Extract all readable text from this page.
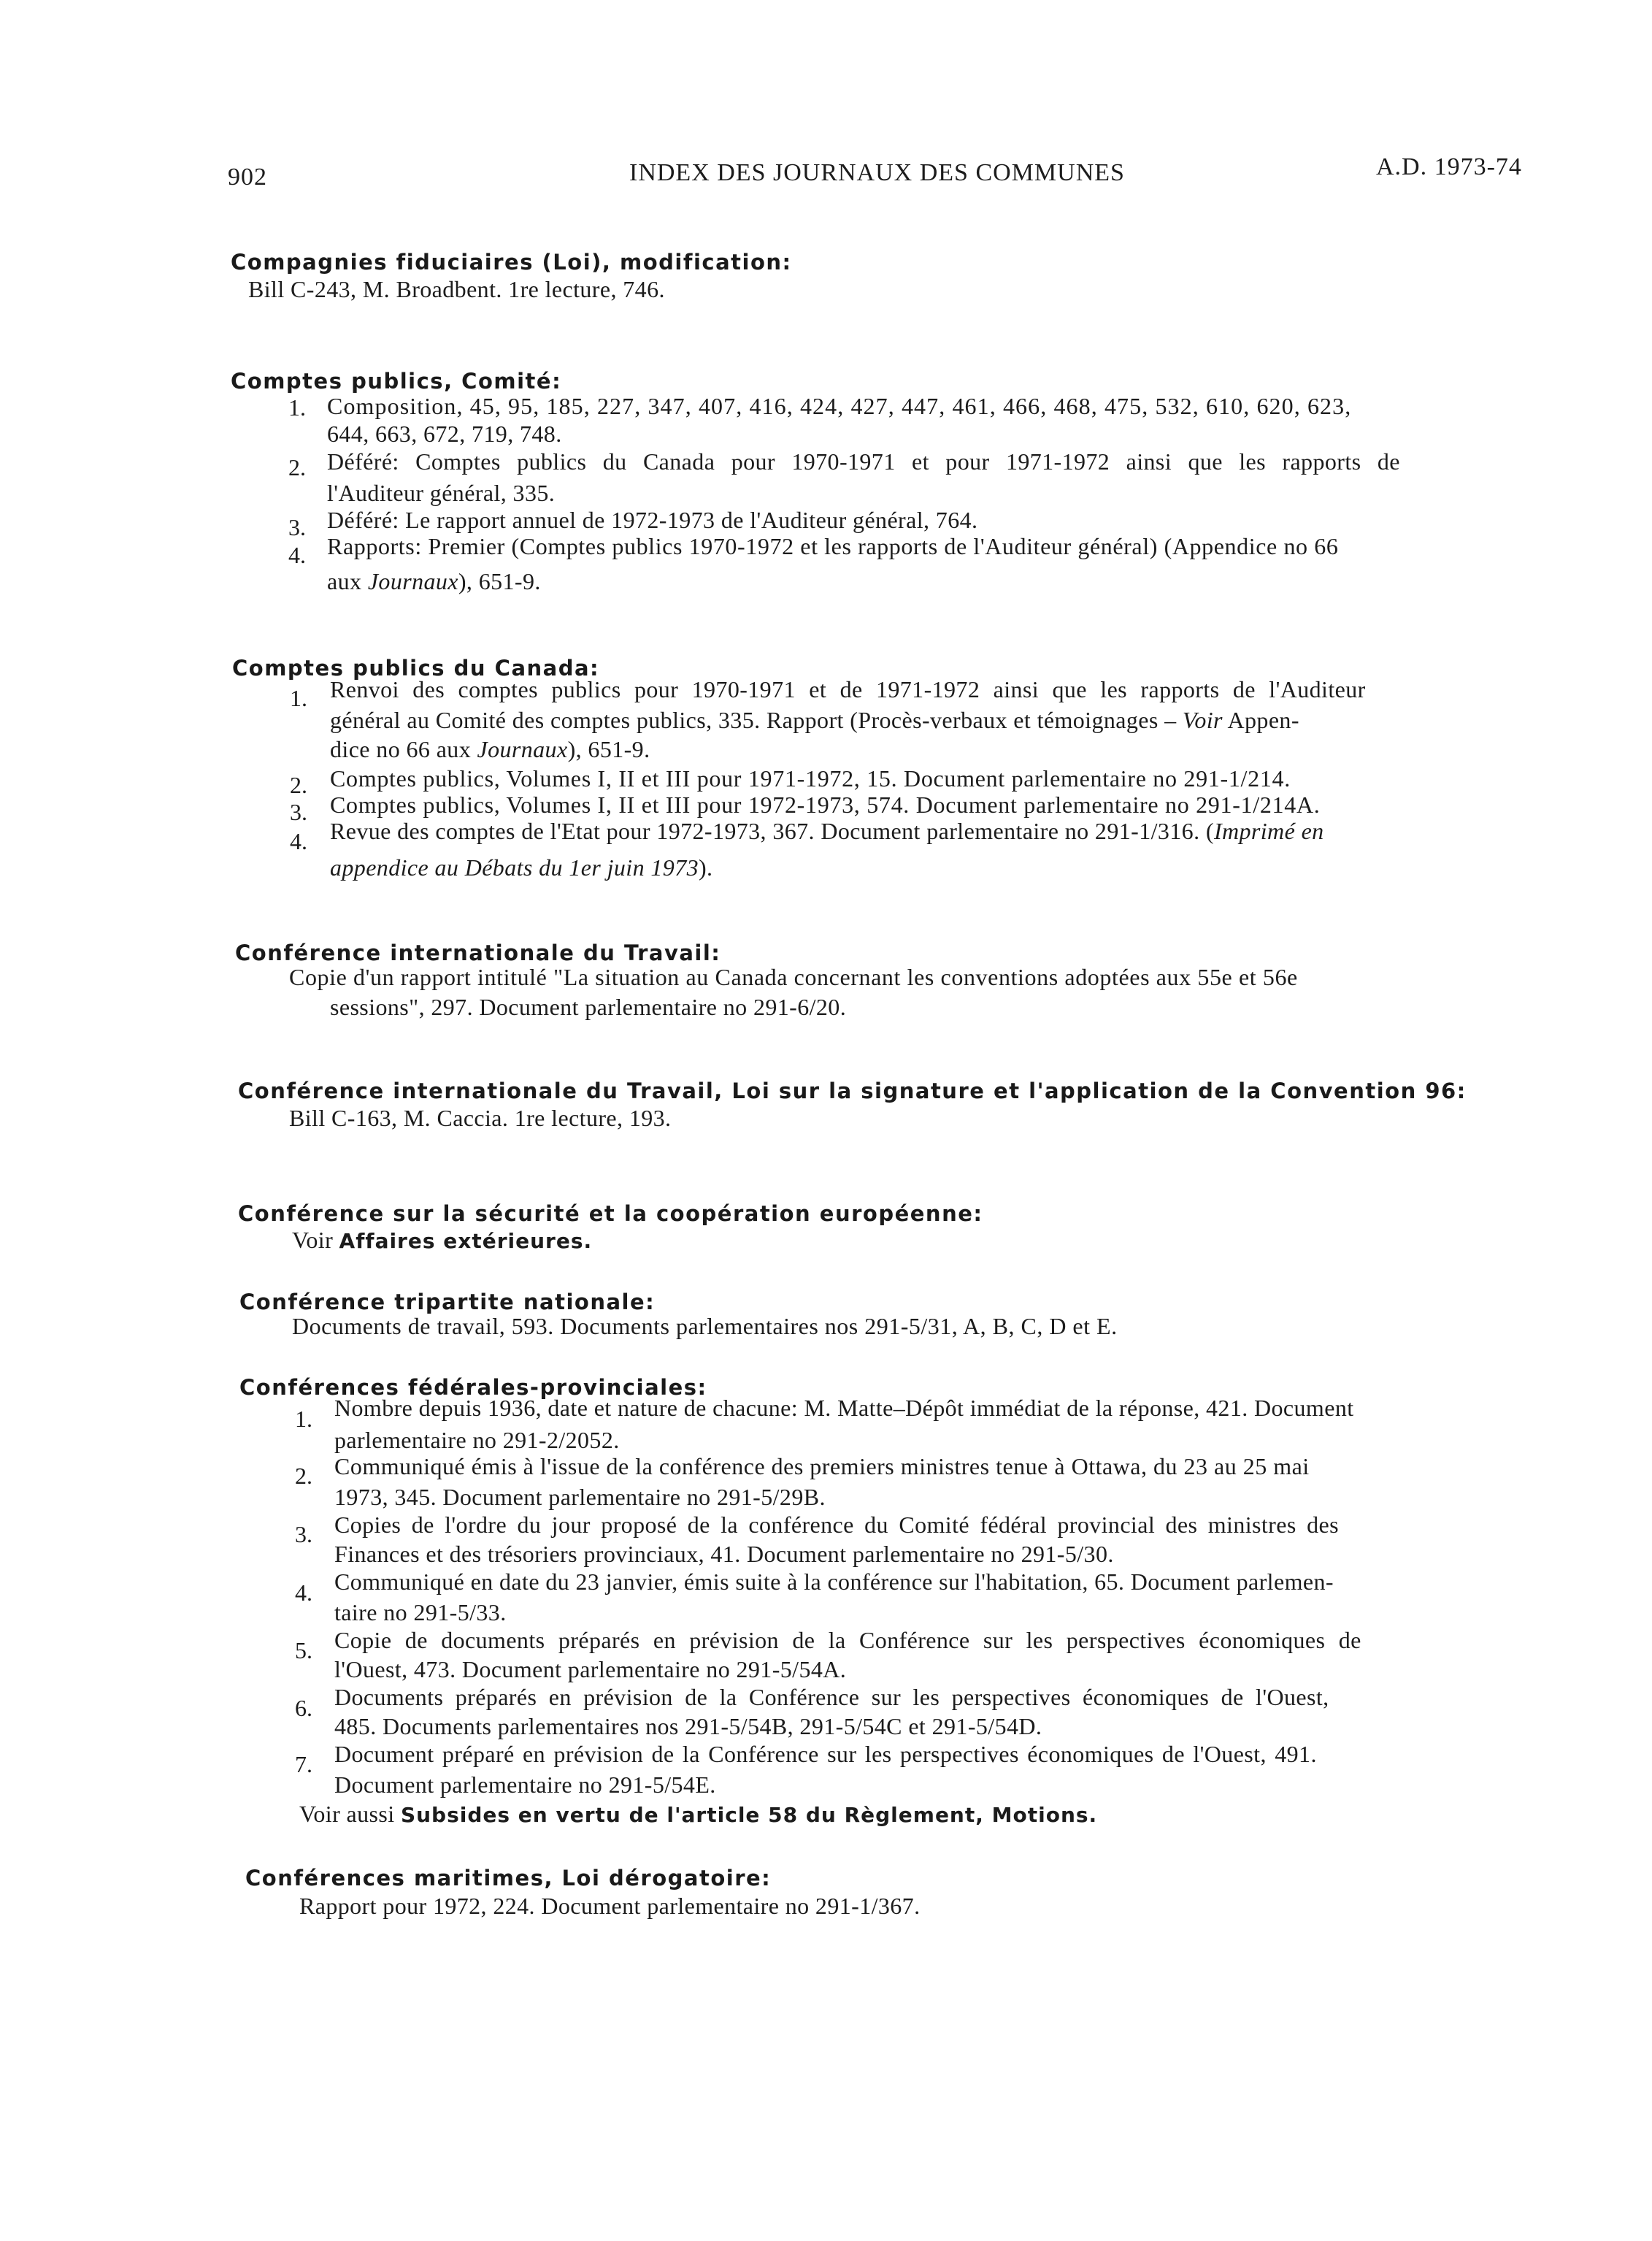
902	INDEX DES JOURNAUX DES COMMUNES	A.D. 1973-74
Compagnies fiduciaires (Loi), modification:
Bill C-243, M. Broadbent. 1re lecture, 746.
Comptes publics, Comité:
1. Composition, 45, 95, 185, 227, 347, 407, 416, 424, 427, 447, 461, 466, 468, 475, 532, 610, 620, 623,
644, 663, 672, 719, 748.
2. Déféré: Comptes publics du Canada pour 1970-1971 et pour 1971-1972 ainsi que les rapports de
l'Auditeur général, 335.
3. Déféré: Le rapport annuel de 1972-1973 de l'Auditeur général, 764.
4. Rapports: Premier (Comptes publics 1970-1972 et les rapports de l'Auditeur général) (Appendice no 66
aux Journaux), 651-9.
Comptes publics du Canada:
1. Renvoi des comptes publics pour 1970-1971 et de 1971-1972 ainsi que les rapports de l'Auditeur
général au Comité des comptes publics, 335. Rapport (Procès-verbaux et témoignages – Voir Appen-
dice no 66 aux Journaux), 651-9.
2. Comptes publics, Volumes I, II et III pour 1971-1972, 15. Document parlementaire no 291-1/214.
3. Comptes publics, Volumes I, II et III pour 1972-1973, 574. Document parlementaire no 291-1/214A.
4. Revue des comptes de l'Etat pour 1972-1973, 367. Document parlementaire no 291-1/316. (Imprimé en
appendice au Débats du 1er juin 1973).
Conférence internationale du Travail:
Copie d'un rapport intitulé "La situation au Canada concernant les conventions adoptées aux 55e et 56e
sessions", 297. Document parlementaire no 291-6/20.
Conférence internationale du Travail, Loi sur la signature et l'application de la Convention 96:
Bill C-163, M. Caccia. 1re lecture, 193.
Conférence sur la sécurité et la coopération européenne:
Voir Affaires extérieures.
Conférence tripartite nationale:
Documents de travail, 593. Documents parlementaires nos 291-5/31, A, B, C, D et E.
Conférences fédérales-provinciales:
1. Nombre depuis 1936, date et nature de chacune: M. Matte–Dépôt immédiat de la réponse, 421. Document
parlementaire no 291-2/2052.
2. Communiqué émis à l'issue de la conférence des premiers ministres tenue à Ottawa, du 23 au 25 mai
1973, 345. Document parlementaire no 291-5/29B.
3. Copies de l'ordre du jour proposé de la conférence du Comité fédéral provincial des ministres des
Finances et des trésoriers provinciaux, 41. Document parlementaire no 291-5/30.
4. Communiqué en date du 23 janvier, émis suite à la conférence sur l'habitation, 65. Document parlemen-
taire no 291-5/33.
5. Copie de documents préparés en prévision de la Conférence sur les perspectives économiques de
l'Ouest, 473. Document parlementaire no 291-5/54A.
6. Documents préparés en prévision de la Conférence sur les perspectives économiques de l'Ouest,
485. Documents parlementaires nos 291-5/54B, 291-5/54C et 291-5/54D.
7. Document préparé en prévision de la Conférence sur les perspectives économiques de l'Ouest, 491.
Document parlementaire no 291-5/54E.
Voir aussi Subsides en vertu de l'article 58 du Règlement, Motions.
Conférences maritimes, Loi dérogatoire:
Rapport pour 1972, 224. Document parlementaire no 291-1/367.
